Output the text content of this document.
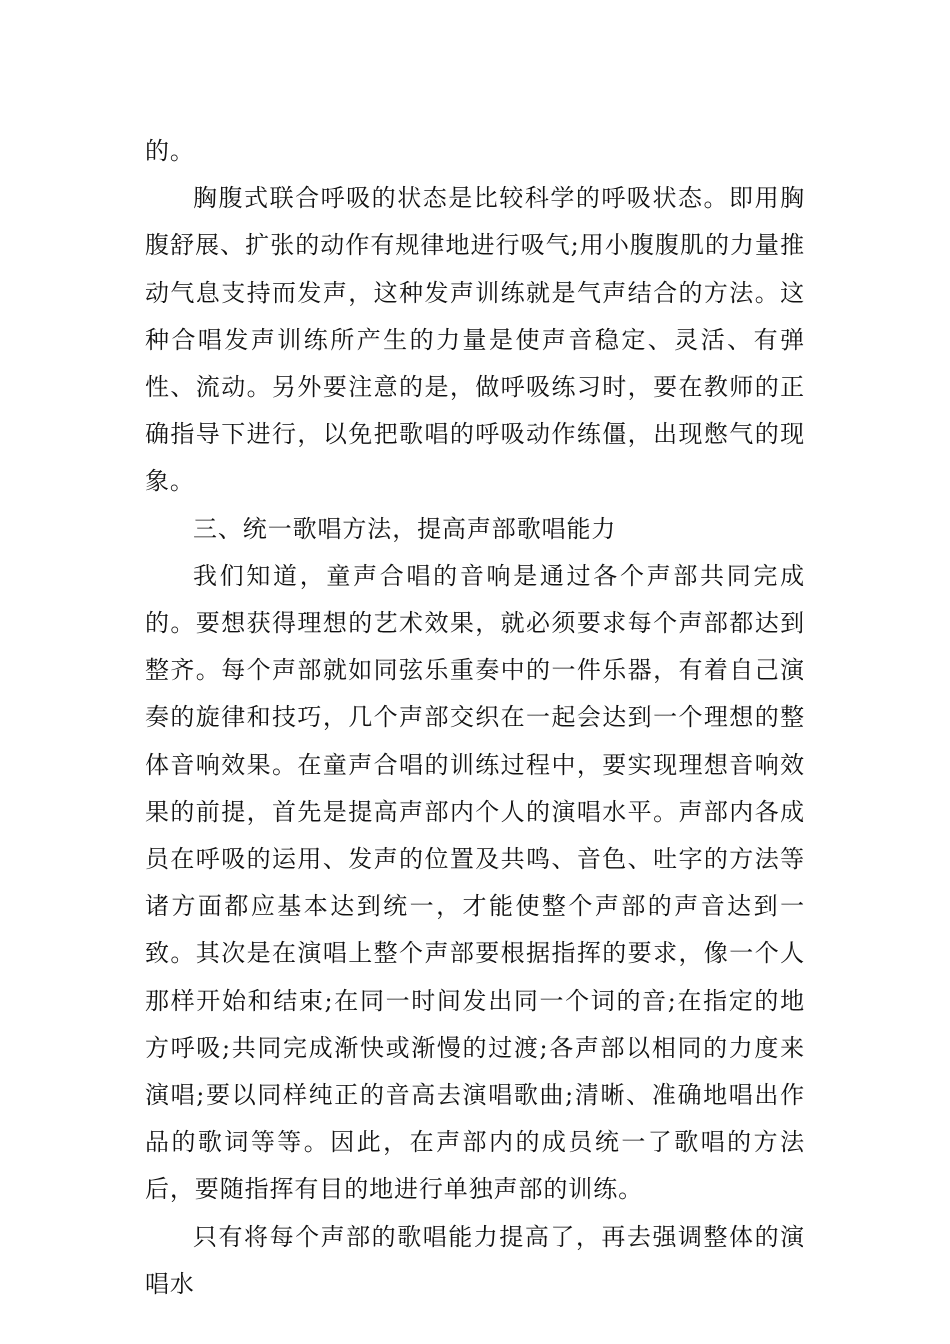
的。

胸腹式联合呼吸的状态是比较科学的呼吸状态。即用胸腹舒展、扩张的动作有规律地进行吸气;用小腹腹肌的力量推动气息支持而发声，这种发声训练就是气声结合的方法。这种合唱发声训练所产生的力量是使声音稳定、灵活、有弹性、流动。另外要注意的是，做呼吸练习时，要在教师的正确指导下进行，以免把歌唱的呼吸动作练僵，出现憋气的现象。

三、统一歌唱方法，提高声部歌唱能力

我们知道，童声合唱的音响是通过各个声部共同完成的。要想获得理想的艺术效果，就必须要求每个声部都达到整齐。每个声部就如同弦乐重奏中的一件乐器，有着自己演奏的旋律和技巧，几个声部交织在一起会达到一个理想的整体音响效果。在童声合唱的训练过程中，要实现理想音响效果的前提，首先是提高声部内个人的演唱水平。声部内各成员在呼吸的运用、发声的位置及共鸣、音色、吐字的方法等诸方面都应基本达到统一，才能使整个声部的声音达到一致。其次是在演唱上整个声部要根据指挥的要求，像一个人那样开始和结束;在同一时间发出同一个词的音;在指定的地方呼吸;共同完成渐快或渐慢的过渡;各声部以相同的力度来演唱;要以同样纯正的音高去演唱歌曲;清晰、准确地唱出作品的歌词等等。因此，在声部内的成员统一了歌唱的方法后，要随指挥有目的地进行单独声部的训练。

只有将每个声部的歌唱能力提高了，再去强调整体的演唱水
